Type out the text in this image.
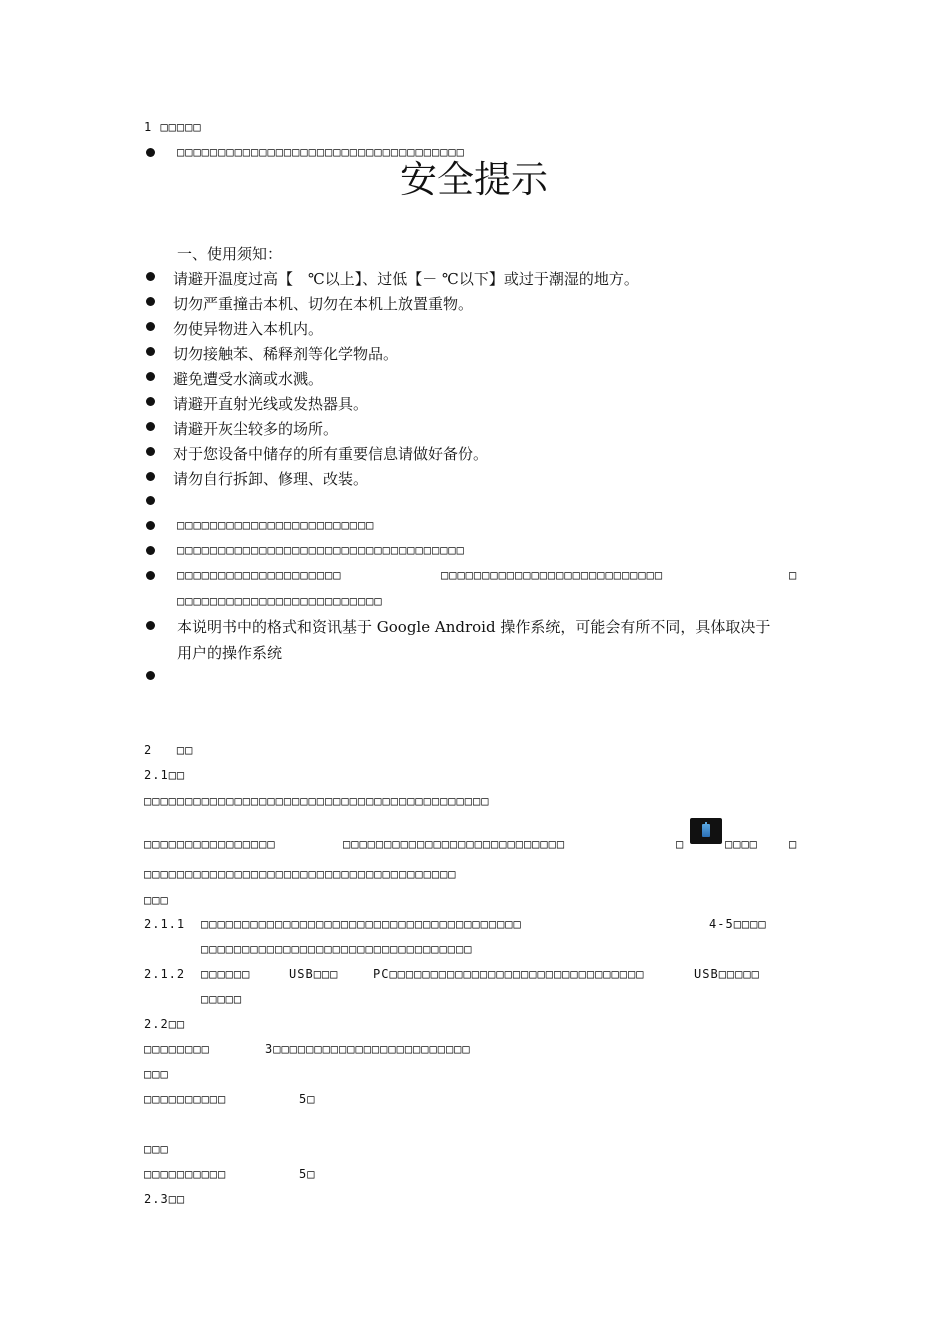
1 □□□□□
□□□□□□□□□□□□□□□□□□□□□□□□□□□□□□□□□□□
安全提示
一、使用须知：
请避开温度过高【　℃以上】、过低【－ ℃以下】或过于潮湿的地方。
切勿严重撞击本机、切勿在本机上放置重物。
勿使异物进入本机内。
切勿接触苯、稀释剂等化学物品。
避免遭受水滴或水溅。
请避开直射光线或发热器具。
请避开灰尘较多的场所。
对于您设备中储存的所有重要信息请做好备份。
请勿自行拆卸、修理、改装。
□□□□□□□□□□□□□□□□□□□□□□□□
□□□□□□□□□□□□□□□□□□□□□□□□□□□□□□□□□□□
□□□□□□□□□□□□□□□□□□□□	□□□□□□□□□□□□□□□□□□□□□□□□□□□	□
□□□□□□□□□□□□□□□□□□□□□□□□□
本说明书中的格式和资讯基于 Google Android 操作系统，可能会有所不同，具体取决于
用户的操作系统
2 □□
2.1□□
□□□□□□□□□□□□□□□□□□□□□□□□□□□□□□□□□□□□□□□□□□
□□□□□□□□□□□□□□□□	□□□□□□□□□□□□□□□□□□□□□□□□□□□	□	□□□□	□
□□□□□□□□□□□□□□□□□□□□□□□□□□□□□□□□□□□□□□
□□□
2.1.1 □□□□□□□□□□□□□□□□□□□□□□□□□□□□□□□□□□□□□□□	4-5□□□□
□□□□□□□□□□□□□□□□□□□□□□□□□□□□□□□□□
2.1.2 □□□□□□	USB□□□	PC□□□□□□□□□□□□□□□□□□□□□□□□□□□□□□□	USB□□□□□
□□□□□
2.2□□
□□□□□□□□	3□□□□□□□□□□□□□□□□□□□□□□□□
□□□
□□□□□□□□□□	5□
□□□
□□□□□□□□□□	5□
2.3□□
